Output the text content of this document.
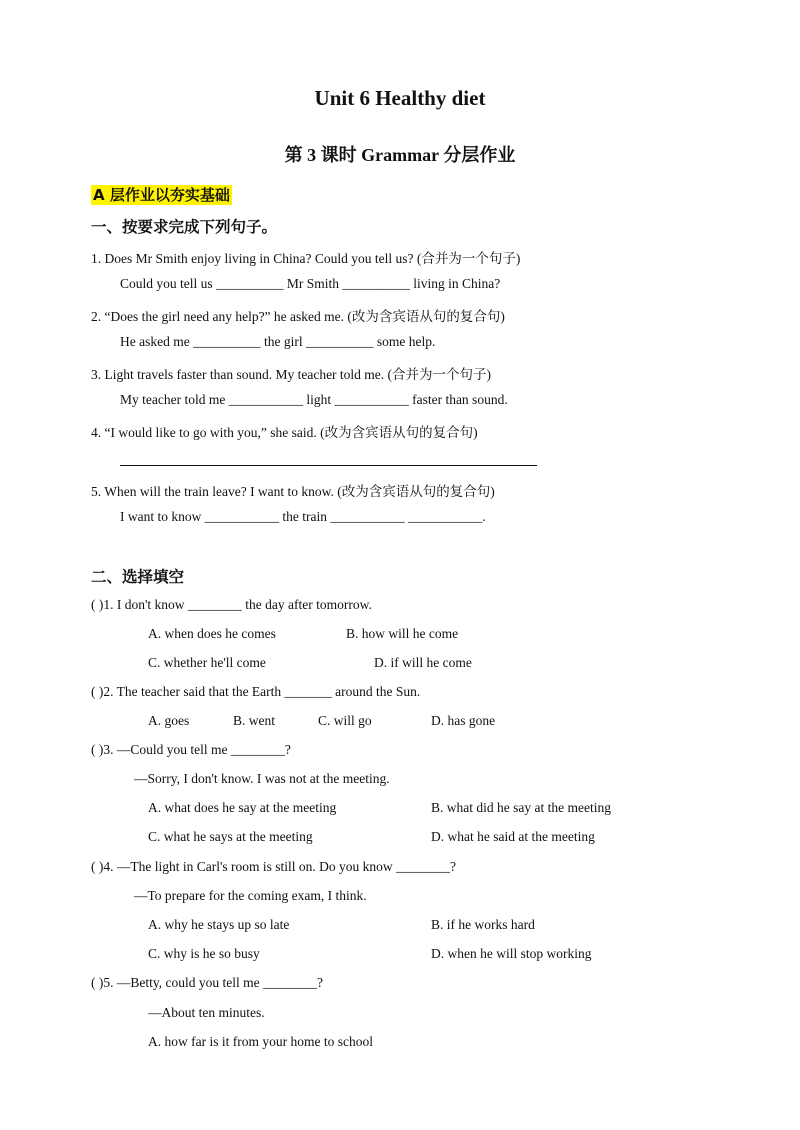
Unit 6 Healthy diet
第 3 课时 Grammar 分层作业
A 层作业以夯实基础
一、按要求完成下列句子。
1. Does Mr Smith enjoy living in China? Could you tell us? (合并为一个句子)
Could you tell us __________ Mr Smith __________ living in China?
2. “Does the girl need any help?” he asked me. (改为含宾语从句的复合句)
He asked me __________ the girl __________ some help.
3. Light travels faster than sound. My teacher told me. (合并为一个句子)
My teacher told me ___________ light ___________ faster than sound.
4. “I would like to go with you,” she said. (改为含宾语从句的复合句)
5. When will the train leave? I want to know. (改为含宾语从句的复合句)
I want to know ___________ the train ___________ ___________.
二、选择填空
( )1. I don't know ________ the day after tomorrow.
A. when does he comes	B. how will he come
C. whether he'll come	D. if will he come
( )2. The teacher said that the Earth _______ around the Sun.
A. goes	B. went	C. will go	D. has gone
( )3. —Could you tell me ________?
—Sorry, I don't know. I was not at the meeting.
A. what does he say at the meeting	B. what did he say at the meeting
C. what he says at the meeting	D. what he said at the meeting
( )4. —The light in Carl's room is still on. Do you know ________?
—To prepare for the coming exam, I think.
A. why he stays up so late	B. if he works hard
C. why is he so busy	D. when he will stop working
( )5. —Betty, could you tell me ________?
—About ten minutes.
A. how far is it from your home to school
